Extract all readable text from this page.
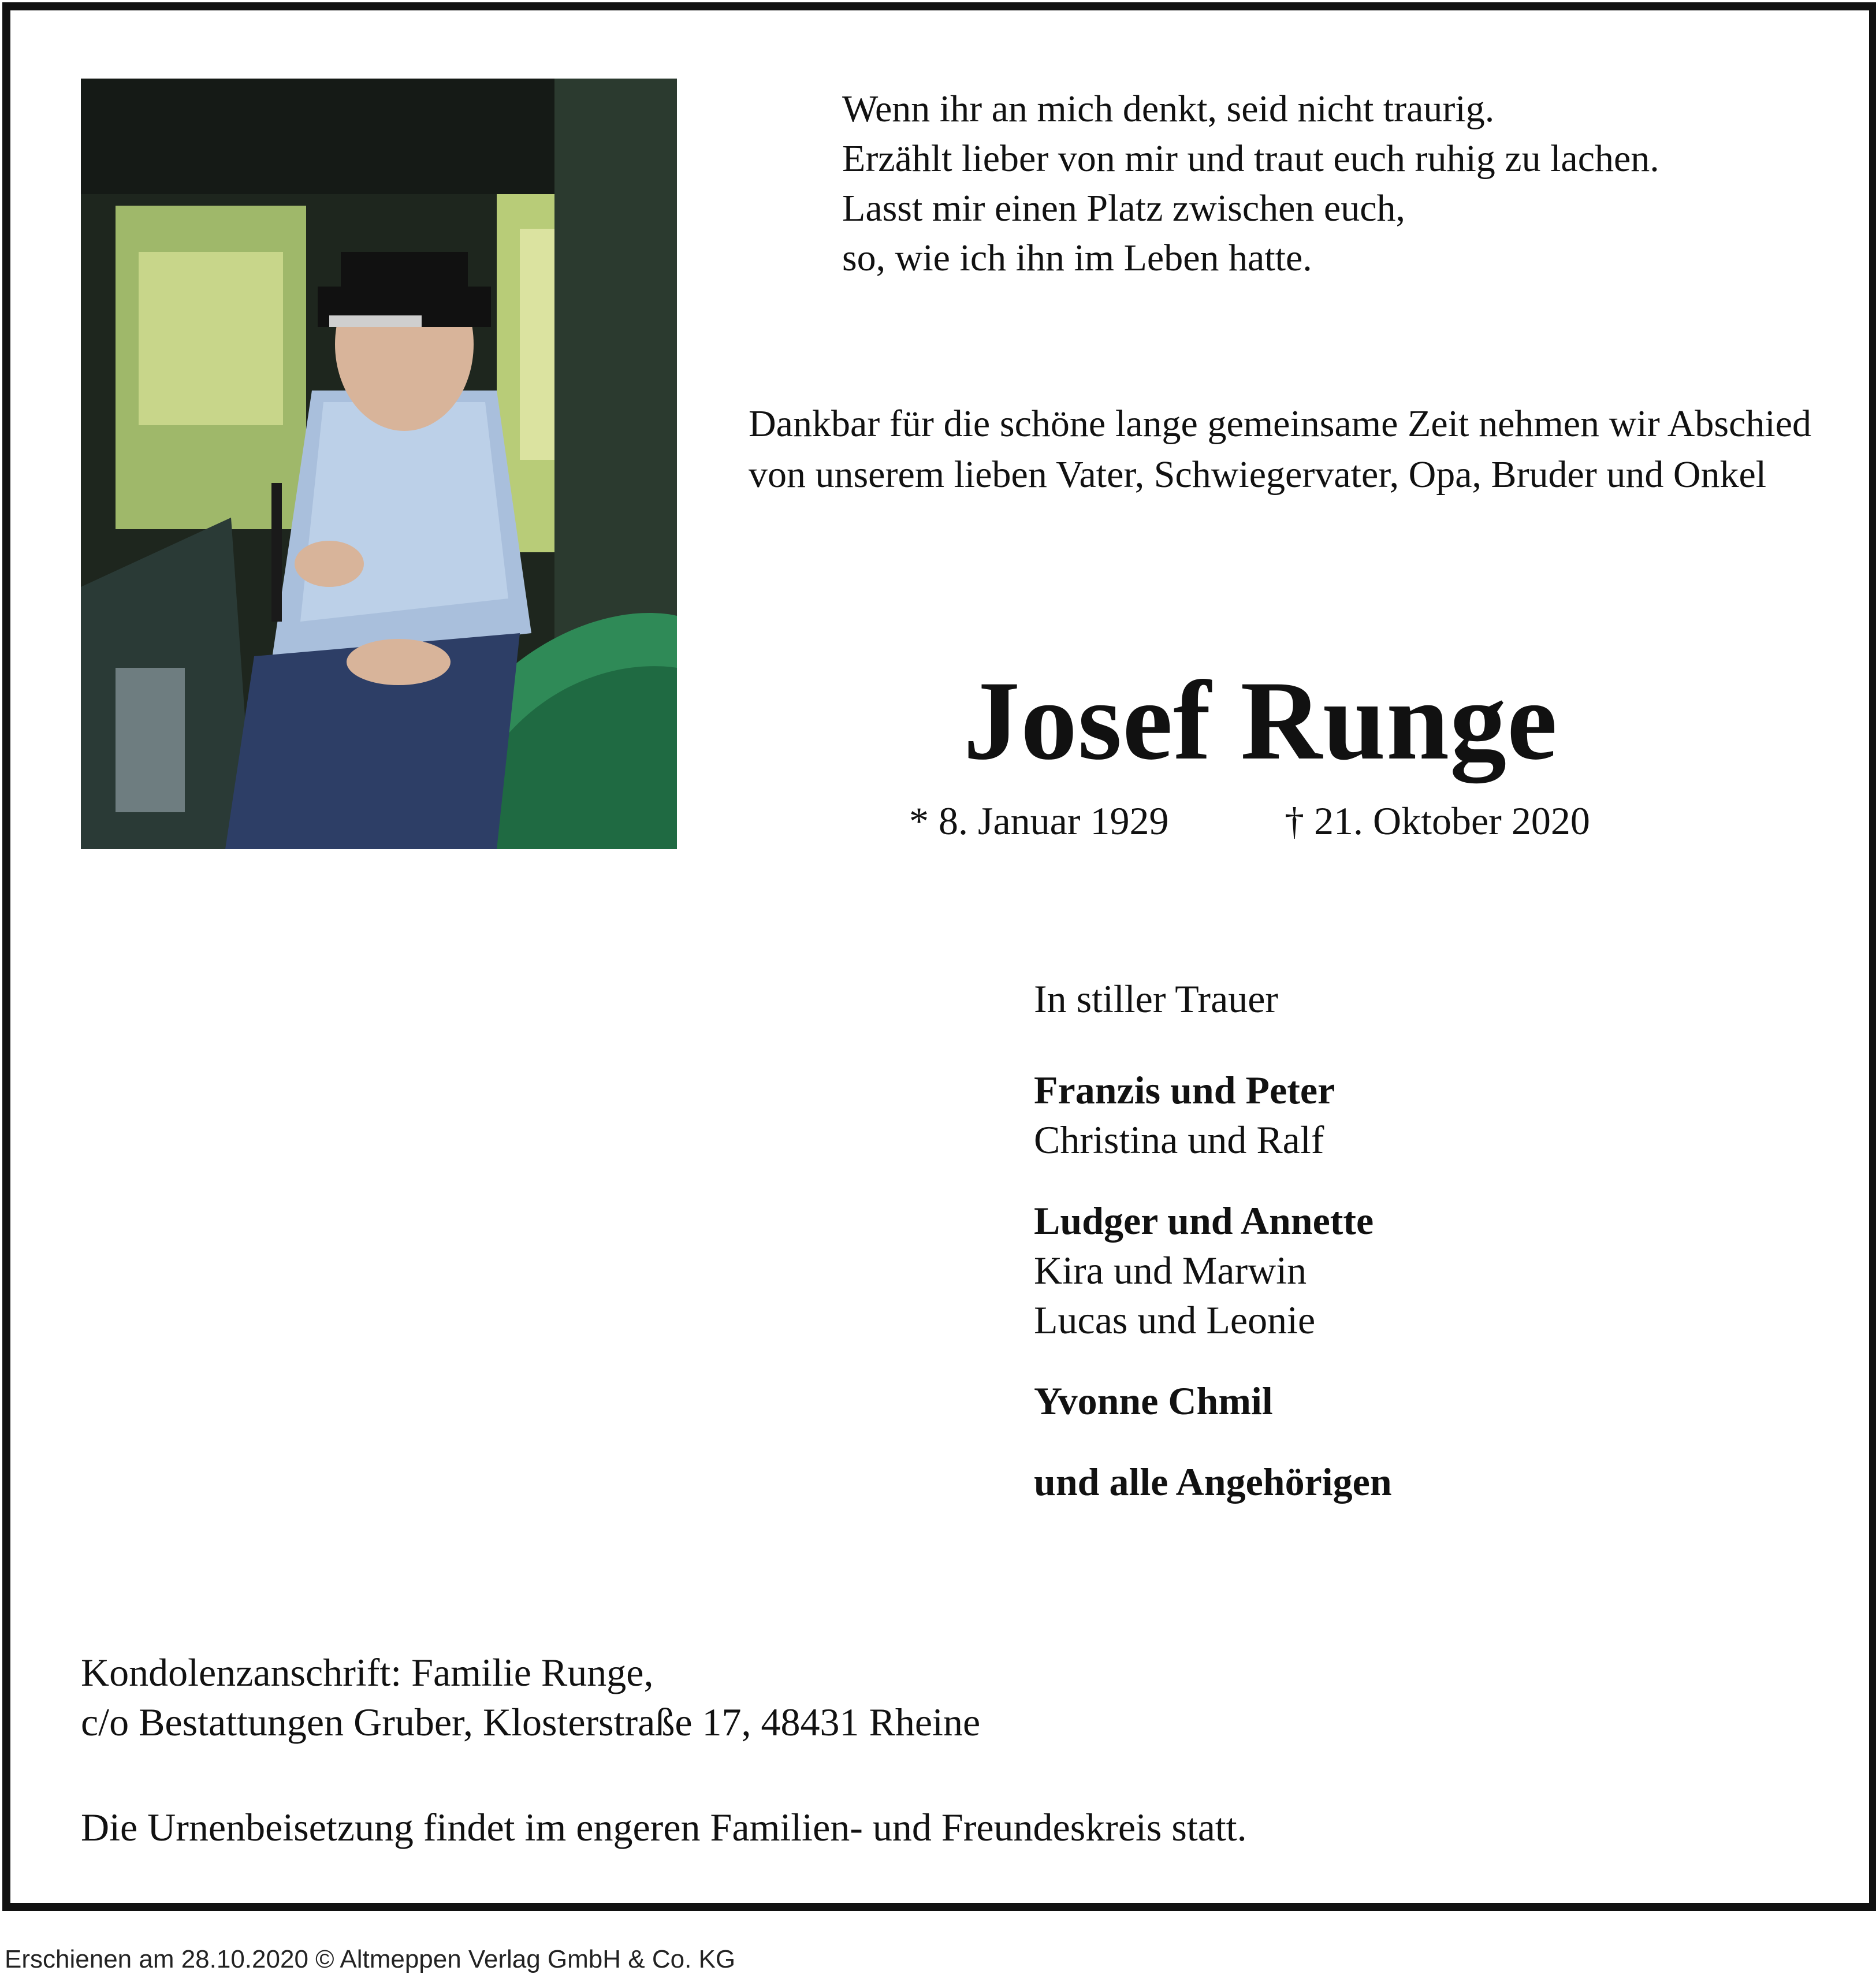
Wenn ihr an mich denkt, seid nicht traurig.
Erzählt lieber von mir und traut euch ruhig zu lachen.
Lasst mir einen Platz zwischen euch,
so, wie ich ihn im Leben hatte.
Dankbar für die schöne lange gemeinsame Zeit nehmen wir Abschied von unserem lieben Vater, Schwiegervater, Opa, Bruder und Onkel
Josef Runge
* 8. Januar 1929	† 21. Oktober 2020
In stiller Trauer
Franzis und Peter
Christina und Ralf
Ludger und Annette
Kira und Marwin
Lucas und Leonie
Yvonne Chmil
und alle Angehörigen
Kondolenzanschrift: Familie Runge,
c/o Bestattungen Gruber, Klosterstraße 17, 48431 Rheine
Die Urnenbeisetzung findet im engeren Familien- und Freundeskreis statt.
Erschienen am 28.10.2020 © Altmeppen Verlag GmbH & Co. KG
